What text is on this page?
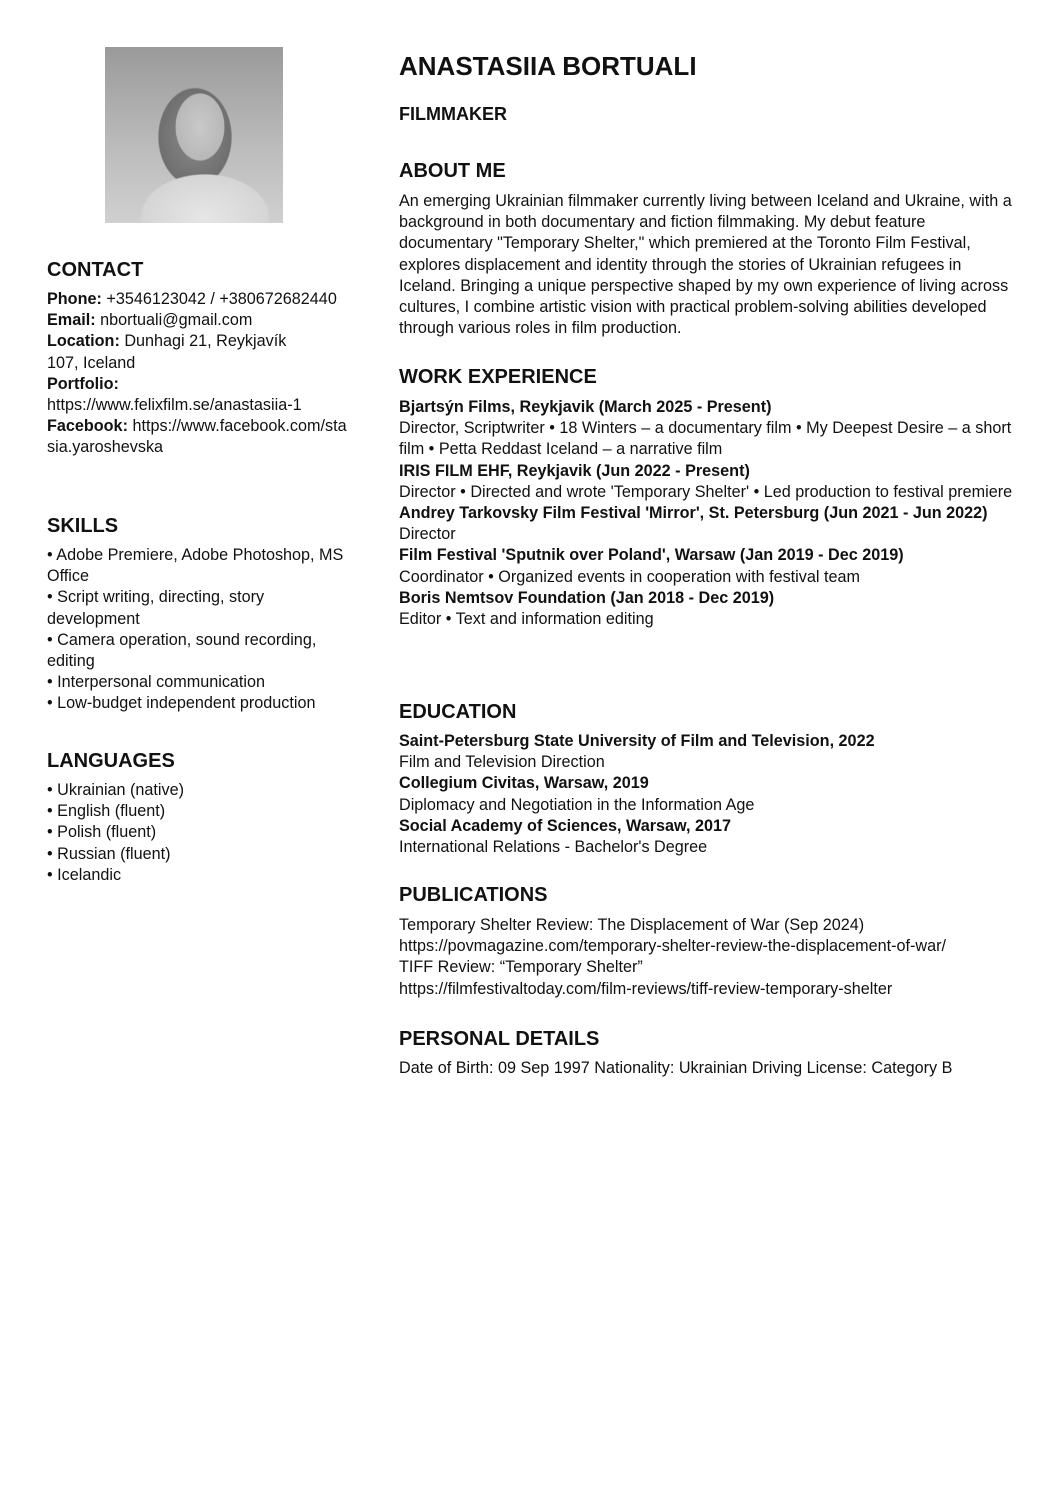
CONTACT

Phone: +3546123042 / +380672682440

Email: nbortuali@gmail.com

Location: Dunhagi 21, Reykjavík 107, Iceland

Portfolio:
https://www.felixfilm.se/anastasiia-1

Facebook: https://www.facebook.com/stasia.yaroshevska

SKILLS
• Adobe Premiere, Adobe Photoshop, MS Office
• Script writing, directing, story development
• Camera operation, sound recording, editing
• Interpersonal communication
• Low-budget independent production
LANGUAGES
• Ukrainian (native)
• English (fluent)
• Polish (fluent)
• Russian (fluent)
• Icelandic
ANASTASIIA BORTUALI
FILMMAKER
ABOUT ME

An emerging Ukrainian filmmaker currently living between Iceland and Ukraine, with a background in both documentary and fiction filmmaking. My debut feature documentary "Temporary Shelter," which premiered at the Toronto Film Festival, explores displacement and identity through the stories of Ukrainian refugees in Iceland. Bringing a unique perspective shaped by my own experience of living across cultures, I combine artistic vision with practical problem-solving abilities developed through various roles in film production.

WORK EXPERIENCE
Bjartsýn Films, Reykjavik (March 2025 - Present)

Director, Scriptwriter • 18 Winters – a documentary film • My Deepest Desire – a short film • Petta Reddast Iceland – a narrative film

IRIS FILM EHF, Reykjavik (Jun 2022 - Present)

Director • Directed and wrote 'Temporary Shelter' • Led production to festival premiere

Andrey Tarkovsky Film Festival 'Mirror', St. Petersburg (Jun 2021 - Jun 2022)

Director

Film Festival 'Sputnik over Poland', Warsaw (Jan 2019 - Dec 2019)

Coordinator • Organized events in cooperation with festival team

Boris Nemtsov Foundation (Jan 2018 - Dec 2019)

Editor • Text and information editing

EDUCATION
Saint-Petersburg State University of Film and Television, 2022

Film and Television Direction

Collegium Civitas, Warsaw, 2019

Diplomacy and Negotiation in the Information Age

Social Academy of Sciences, Warsaw, 2017

International Relations - Bachelor's Degree

PUBLICATIONS

Temporary Shelter Review: The Displacement of War (Sep 2024)

https://povmagazine.com/temporary-shelter-review-the-displacement-of-war/

TIFF Review: “Temporary Shelter”

https://filmfestivaltoday.com/film-reviews/tiff-review-temporary-shelter

PERSONAL DETAILS

Date of Birth: 09 Sep 1997 Nationality: Ukrainian Driving License: Category B
